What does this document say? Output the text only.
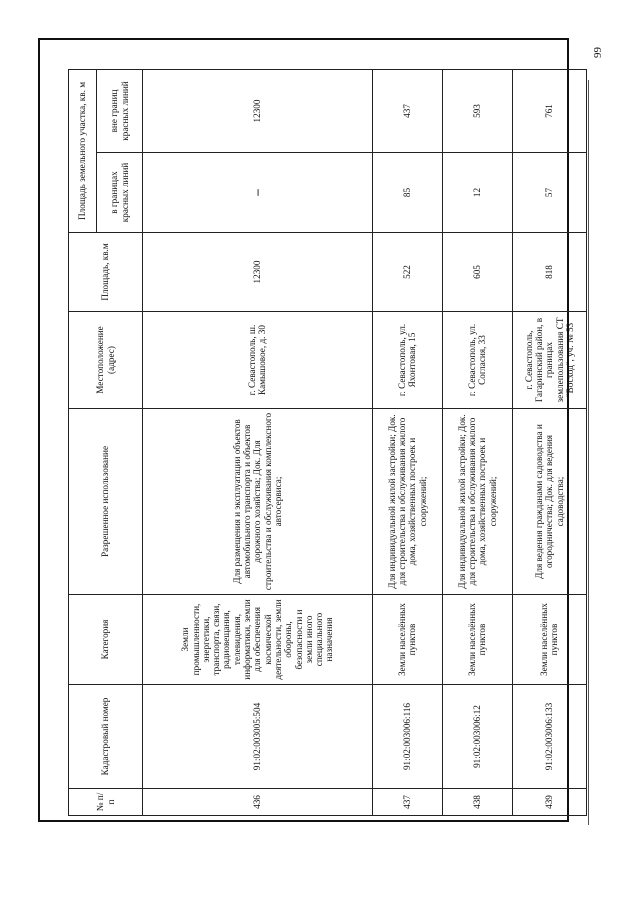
99
№ п/п	Кадастровый номер	Категория	Разрешенное использование	Местоположение (адрес)	Площадь, кв.м	Площадь земельного участка, кв. м	
						в границах красных линий	вне границ красных линий
436	91:02:003005:504	Земли промышленности, энергетики, транспорта, связи, радиовещания, телевидения, информатики, земли для обеспечения космической деятельности, земли обороны, безопасности и земли иного специального назначения	Для размещения и эксплуатации объектов автомобильного транспорта и объектов дорожного хозяйства; Док. Для строительства и обслуживания комплексного автосервиса;	г. Севастополь, ш. Камышовое, д. 30	12300	–	12300
437	91:02:003006:116	Земли населённых пунктов	Для индивидуальной жилой застройки; Док. для строительства и обслуживания жилого дома, хозяйственных построек и сооружений;	г. Севастополь, ул. Яхонтовая, 15	522	85	437
438	91:02:003006:12	Земли населённых пунктов	Для индивидуальной жилой застройки; Док. для строительства и обслуживания жилого дома, хозяйственных построек и сооружений;	г. Севастополь, ул. Согласия, 33	605	12	593
439	91:02:003006:133	Земли населённых пунктов	Для ведения гражданами садоводства и огородничества; Док. для ведения садоводства;	г. Севастополь, Гагаринский район, в границах землепользования СТ "Восход", уч. № 53	818	57	761
